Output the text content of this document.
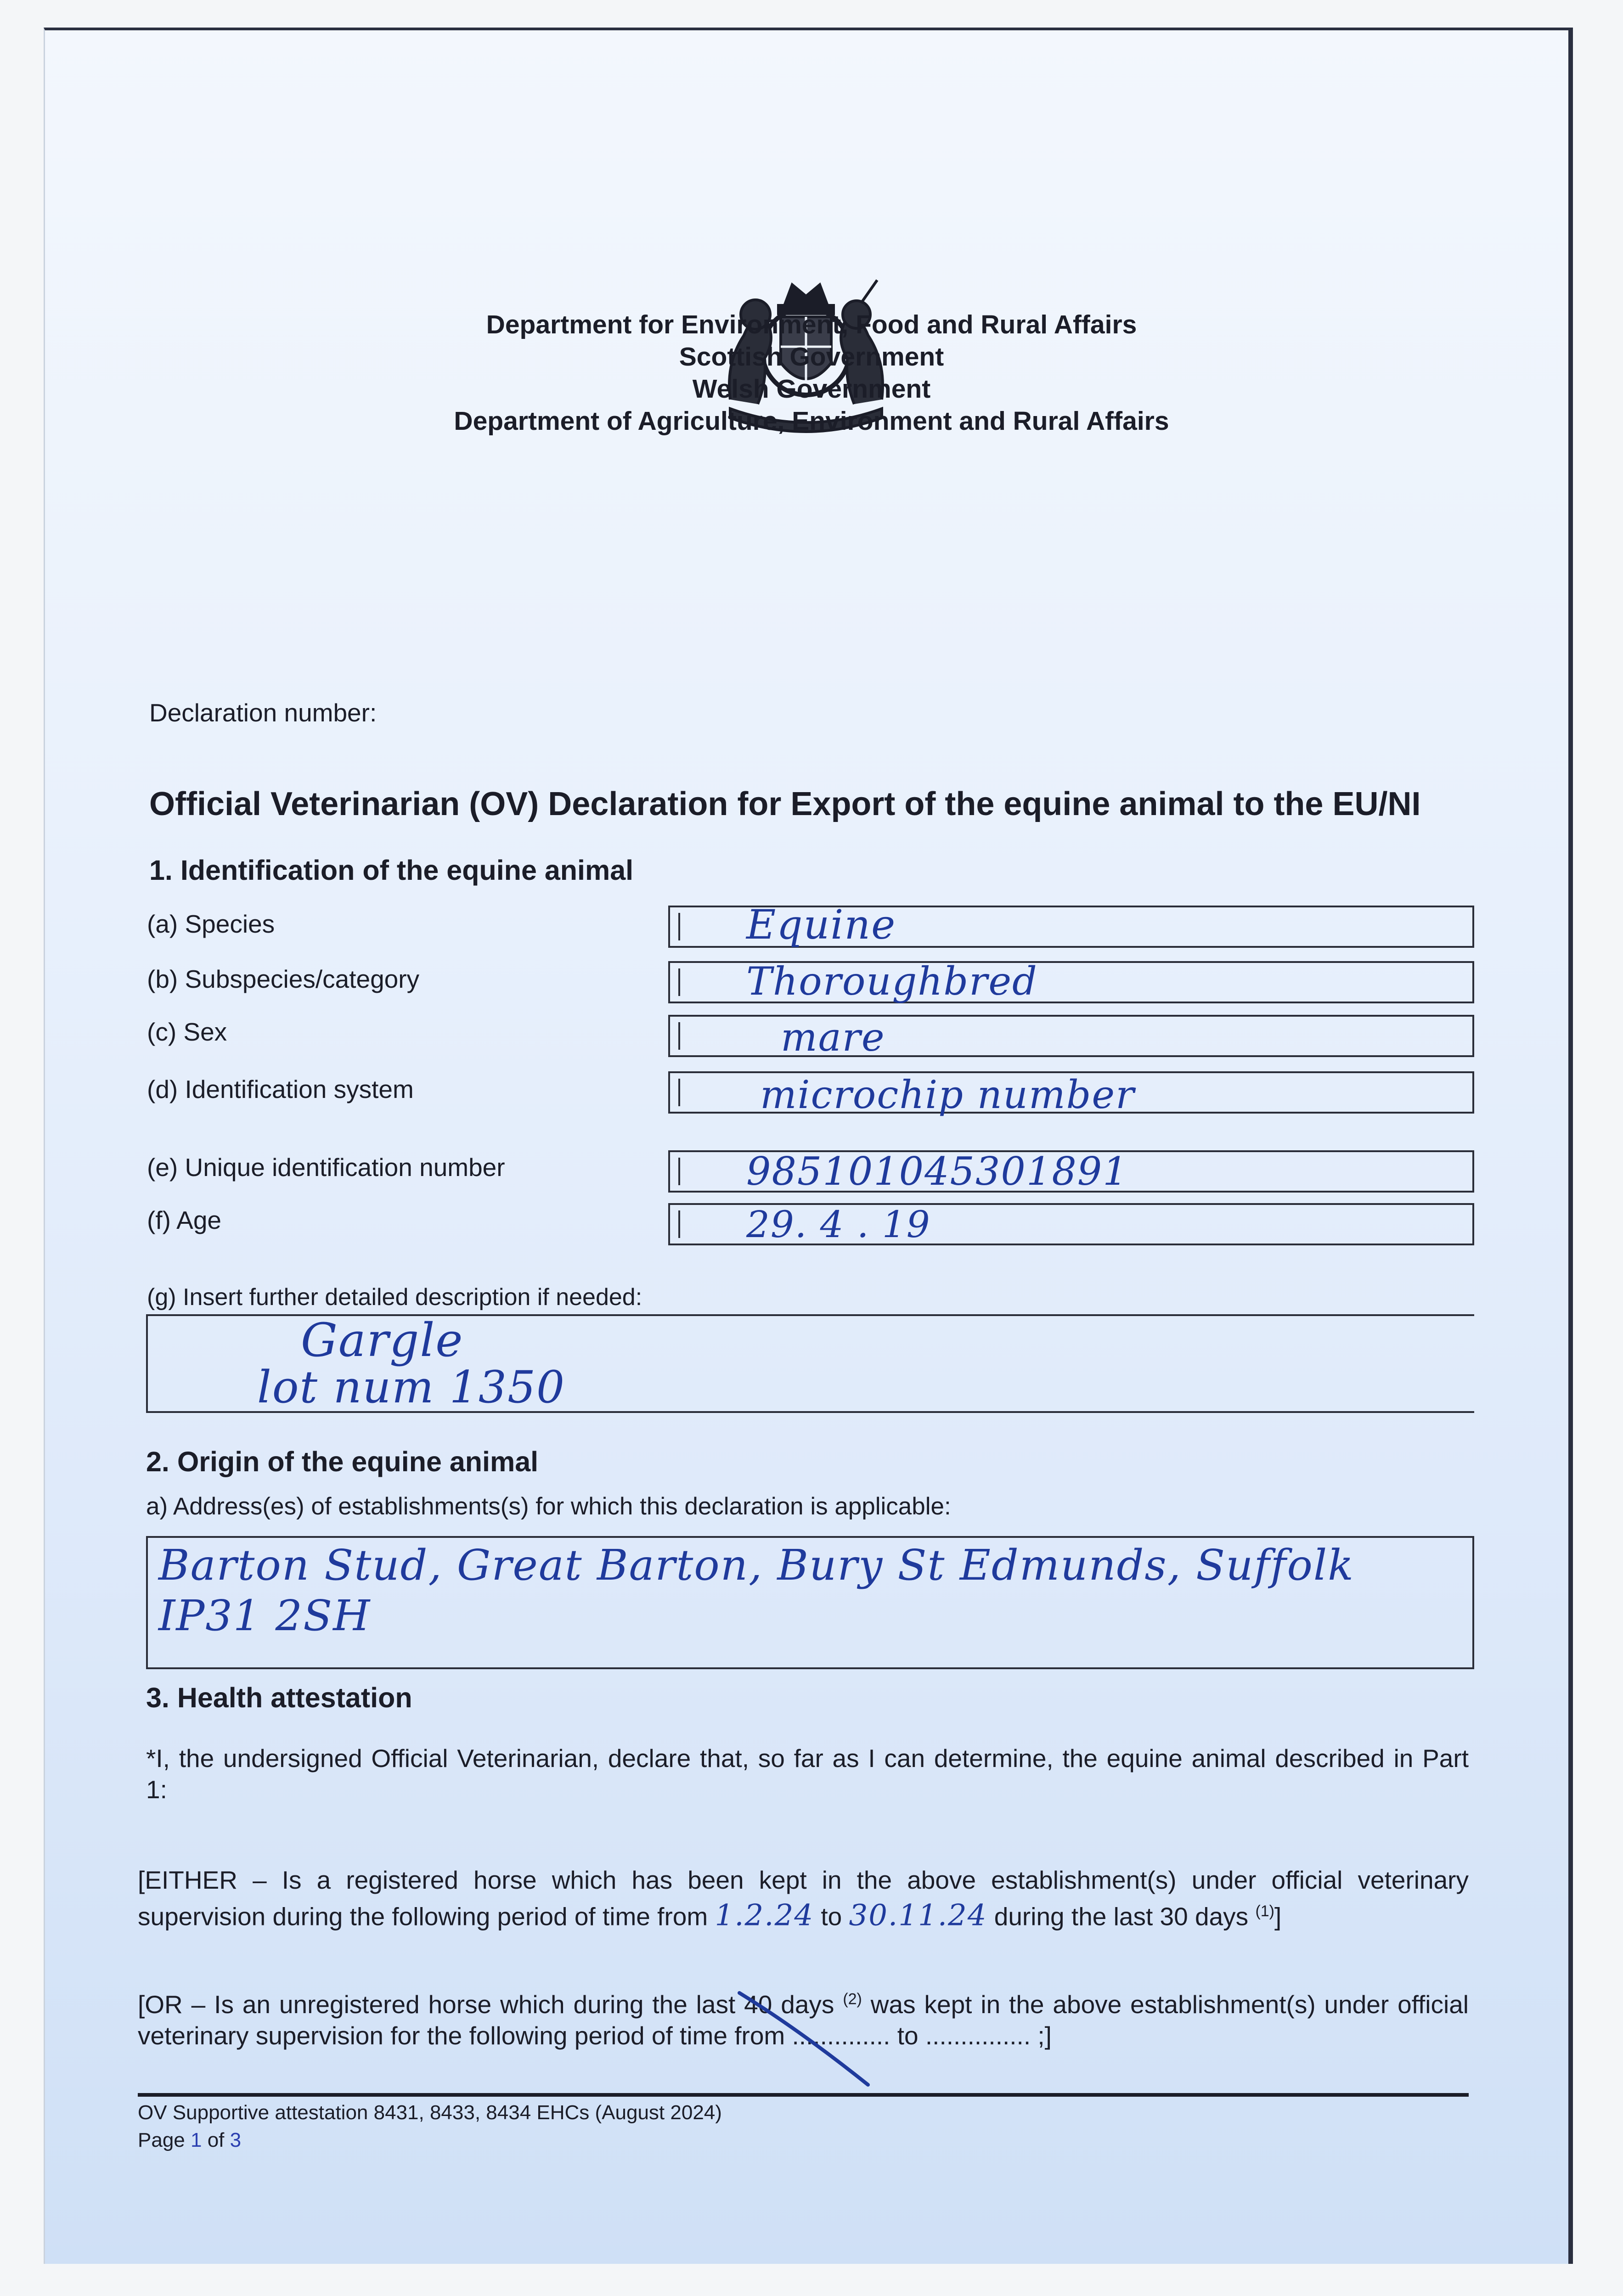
Department for Environment, Food and Rural Affairs
Scottish Government
Welsh Government
Department of Agriculture, Environment and Rural Affairs
Declaration number:
Official Veterinarian (OV) Declaration for Export of the equine animal to the EU/NI
1. Identification of the equine animal
(a) Species	Equine
(b) Subspecies/category	Thoroughbred
(c) Sex	mare
(d) Identification system	microchip number
(e) Unique identification number	985101045301891
(f) Age	29. 4 . 19
(g) Insert further detailed description if needed:
Gargle
lot num 1350
2. Origin of the equine animal
a) Address(es) of establishments(s) for which this declaration is applicable:
Barton Stud, Great Barton, Bury St Edmunds, Suffolk
IP31 2SH
3. Health attestation
*I, the undersigned Official Veterinarian, declare that, so far as I can determine, the equine animal described in Part
1:
[EITHER – Is a registered horse which has been kept in the above establishment(s) under official veterinary
supervision during the following period of time from 1.2.24 to 30.11.24 during the last 30 days $^{(1)}$]
[OR – Is an unregistered horse which during the last 40 days $^{(2)}$ was kept in the above establishment(s) under official
veterinary supervision for the following period of time from .............. to ............... ;]
OV Supportive attestation 8431, 8433, 8434 EHCs (August 2024)
Page 1 of 3
